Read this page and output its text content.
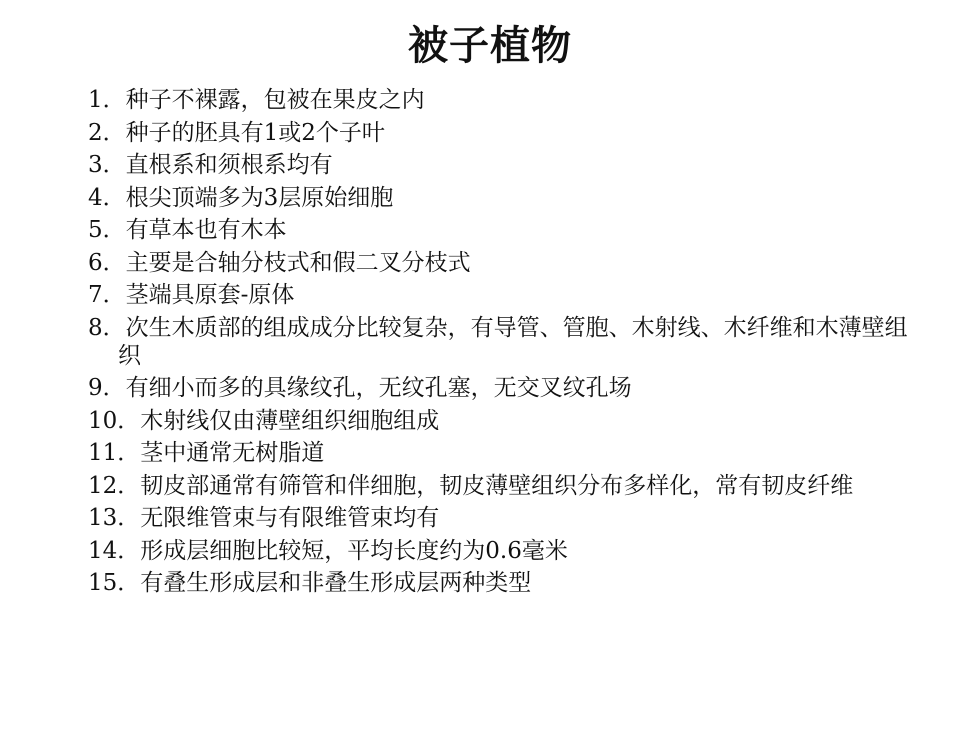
被子植物
1．种子不裸露，包被在果皮之内
2．种子的胚具有1或2个子叶
3．直根系和须根系均有
4．根尖顶端多为3层原始细胞
5．有草本也有木本
6．主要是合轴分枝式和假二叉分枝式
7．茎端具原套-原体
8．次生木质部的组成成分比较复杂，有导管、管胞、木射线、木纤维和木薄壁组织
9．有细小而多的具缘纹孔，无纹孔塞，无交叉纹孔场
10．木射线仅由薄壁组织细胞组成
11．茎中通常无树脂道
12．韧皮部通常有筛管和伴细胞，韧皮薄壁组织分布多样化，常有韧皮纤维
13．无限维管束与有限维管束均有
14．形成层细胞比较短，平均长度约为0.6毫米
15．有叠生形成层和非叠生形成层两种类型
